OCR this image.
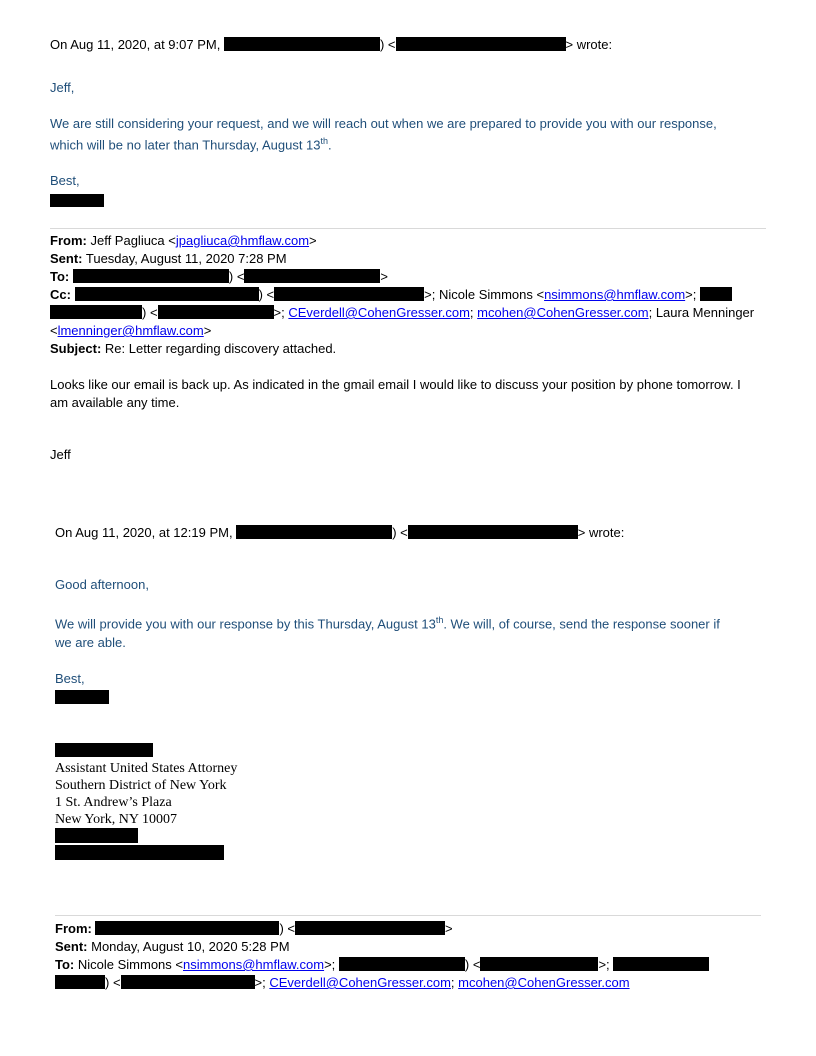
On Aug 11, 2020, at 9:07 PM,	) <	> wrote:
Jeff,
We are still considering your request, and we will reach out when we are prepared to provide you with our response,
which will be no later than Thursday, August 13th.
Best,
From: Jeff Pagliuca <jpagliuca@hmflaw.com>
Sent: Tuesday, August 11, 2020 7:28 PM
To:	) <	>
Cc:	) <	>; Nicole Simmons <nsimmons@hmflaw.com>;
) <	>; CEverdell@CohenGresser.com; mcohen@CohenGresser.com; Laura Menninger
<lmenninger@hmflaw.com>
Subject: Re: Letter regarding discovery attached.
Looks like our email is back up. As indicated in the gmail email I would like to discuss your position by phone tomorrow. I
am available any time.
Jeff
On Aug 11, 2020, at 12:19 PM,	) <	> wrote:
Good afternoon,
We will provide you with our response by this Thursday, August 13th. We will, of course, send the response sooner if
we are able.
Best,
Assistant United States Attorney
Southern District of New York
1 St. Andrew’s Plaza
New York, NY 10007
From:	) <	>
Sent: Monday, August 10, 2020 5:28 PM
To: Nicole Simmons <nsimmons@hmflaw.com>;	) <	>;
) <	>; CEverdell@CohenGresser.com; mcohen@CohenGresser.com
